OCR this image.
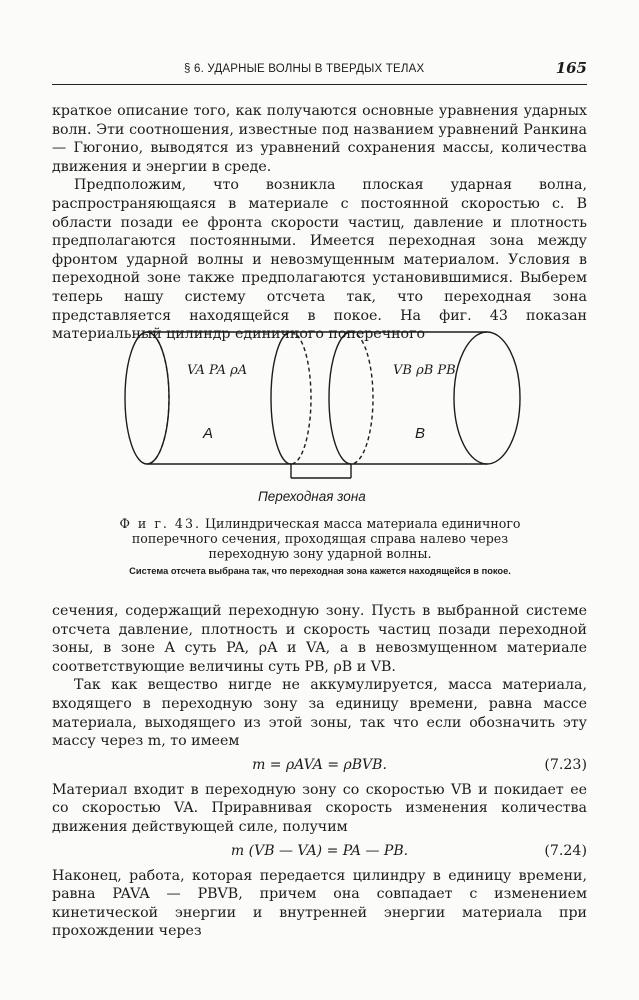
§ 6. УДАРНЫЕ ВОЛНЫ В ТВЕРДЫХ ТЕЛАХ	165

краткое описание того, как получаются основные уравнения ударных волн. Эти соотношения, известные под названием уравнений Ранкина— Гюгонио, выводятся из уравнений сохранения массы, количества движения и энергии в среде.

Предположим, что возникла плоская ударная волна, распространяющаяся в материале с постоянной скоростью c. В области позади ее фронта скорости частиц, давление и плотность предполагаются постоянными. Имеется переходная зона между фронтом ударной волны и невозмущенным материалом. Условия в переходной зоне также предполагаются установившимися. Выберем теперь нашу систему отсчета так, что переходная зона представляется находящейся в покое. На фиг. 43 показан материальный цилиндр единичного поперечного

VA PA ρA
A
VB ρB PB
B
Переходная зона
Ф и г. 43. Цилиндрическая масса материала единичного поперечного сечения, проходящая справа налево через переходную зону ударной волны.
Система отсчета выбрана так, что переходная зона кажется находящейся в покое.

сечения, содержащий переходную зону. Пусть в выбранной системе отсчета давление, плотность и скорость частиц позади переходной зоны, в зоне A суть PA, ρA и VA, а в невозмущенном материале соответствующие величины суть PB, ρB и VB.

Так как вещество нигде не аккумулируется, масса материала, входящего в переходную зону за единицу времени, равна массе материала, выходящего из этой зоны, так что если обозначить эту массу через m, то имеем

m = ρAVA = ρBVB.	(7.23)

Материал входит в переходную зону со скоростью VB и покидает ее со скоростью VA. Приравнивая скорость изменения количества движения действующей силе, получим

m (VB — VA) = PA — PB.	(7.24)

Наконец, работа, которая передается цилиндру в единицу времени, равна PAVA — PBVB, причем она совпадает с изменением кинетической энергии и внутренней энергии материала при прохождении через
